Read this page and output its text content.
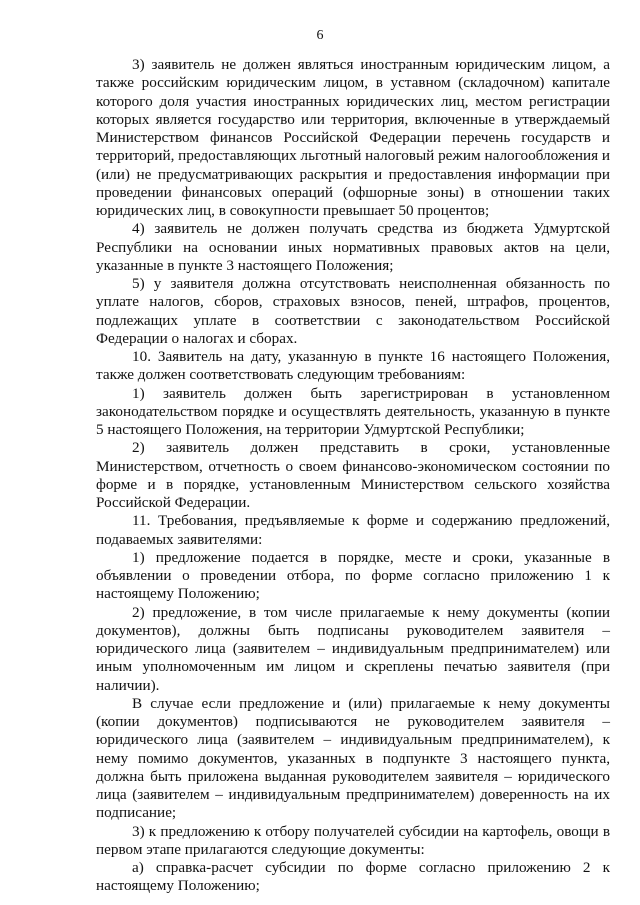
6

3) заявитель не должен являться иностранным юридическим лицом, а также российским юридическим лицом, в уставном (складочном) капитале которого доля участия иностранных юридических лиц, местом регистрации которых является государство или территория, включенные в утверждаемый Министерством финансов Российской Федерации перечень государств и территорий, предоставляющих льготный налоговый режим налогообложения и (или) не предусматривающих раскрытия и предоставления информации при проведении финансовых операций (офшорные зоны) в отношении таких юридических лиц, в совокупности превышает 50 процентов;

4) заявитель не должен получать средства из бюджета Удмуртской Республики на основании иных нормативных правовых актов на цели, указанные в пункте 3 настоящего Положения;

5) у заявителя должна отсутствовать неисполненная обязанность по уплате налогов, сборов, страховых взносов, пеней, штрафов, процентов, подлежащих уплате в соответствии с законодательством Российской Федерации о налогах и сборах.

10. Заявитель на дату, указанную в пункте 16 настоящего Положения, также должен соответствовать следующим требованиям:

1) заявитель должен быть зарегистрирован в установленном законодательством порядке и осуществлять деятельность, указанную в пункте 5 настоящего Положения, на территории Удмуртской Республики;

2) заявитель должен представить в сроки, установленные Министерством, отчетность о своем финансово-экономическом состоянии по форме и в порядке, установленным Министерством сельского хозяйства Российской Федерации.

11. Требования, предъявляемые к форме и содержанию предложений, подаваемых заявителями:

1) предложение подается в порядке, месте и сроки, указанные в объявлении о проведении отбора, по форме согласно приложению 1 к настоящему Положению;

2) предложение, в том числе прилагаемые к нему документы (копии документов), должны быть подписаны руководителем заявителя – юридического лица (заявителем – индивидуальным предпринимателем) или иным уполномоченным им лицом и скреплены печатью заявителя (при наличии).

В случае если предложение и (или) прилагаемые к нему документы (копии документов) подписываются не руководителем заявителя – юридического лица (заявителем – индивидуальным предпринимателем), к нему помимо документов, указанных в подпункте 3 настоящего пункта, должна быть приложена выданная руководителем заявителя – юридического лица (заявителем – индивидуальным предпринимателем) доверенность на их подписание;

3) к предложению к отбору получателей субсидии на картофель, овощи в первом этапе прилагаются следующие документы:

а) справка-расчет субсидии по форме согласно приложению 2 к настоящему Положению;
